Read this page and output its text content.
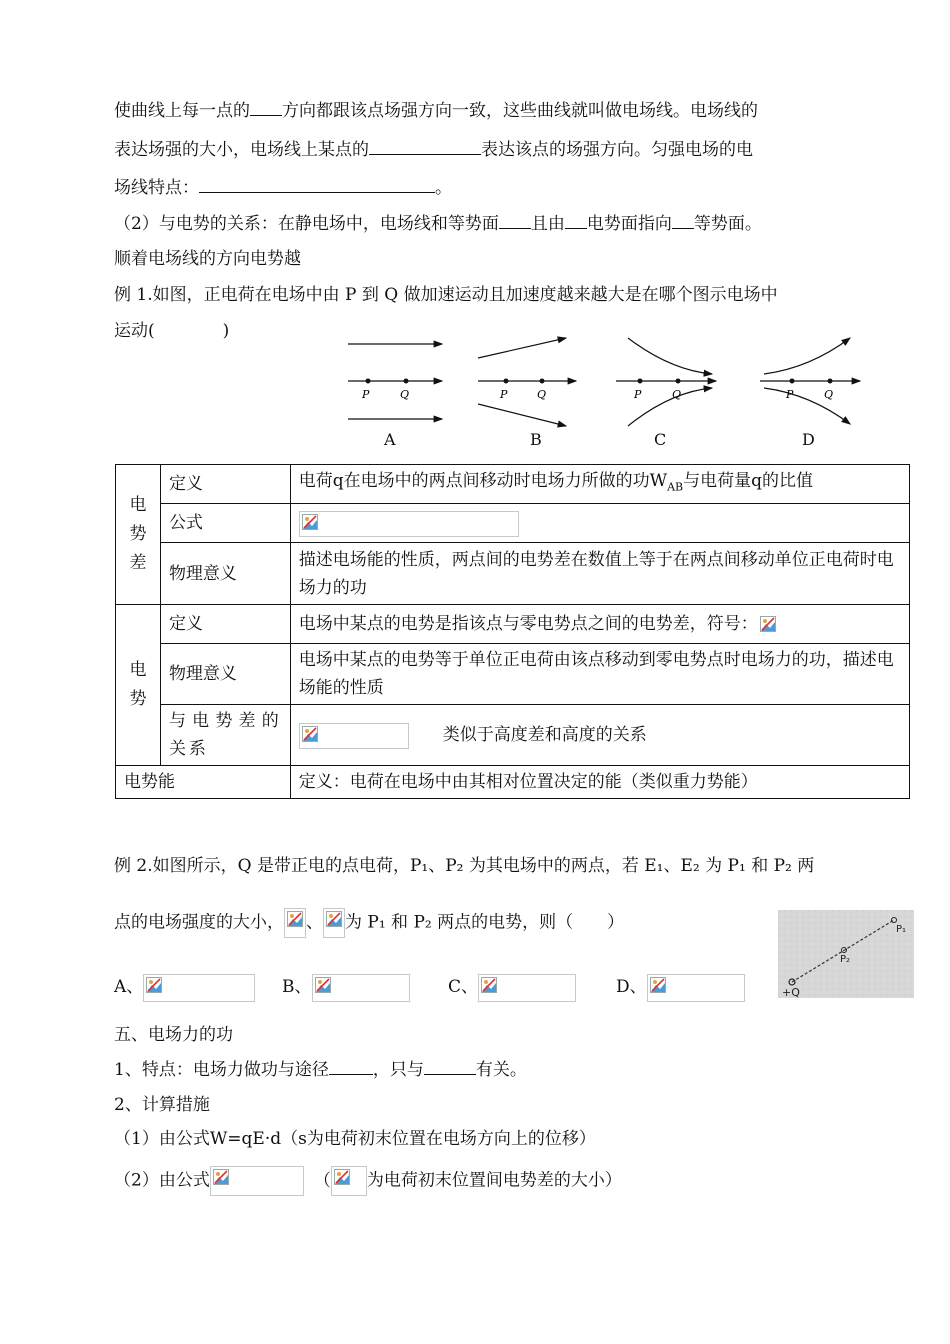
使曲线上每一点的 方向都跟该点场强方向一致，这些曲线就叫做电场线。电场线的
表达场强的大小，电场线上某点的	表达该点的场强方向。匀强电场的电
场线特点：	。
（2）与电势的关系：在静电场中，电场线和等势面 且由 电势面指向 等势面。
顺着电场线的方向电势越
例 1.如图，正电荷在电场中由 P 到 Q 做加速运动且加速度越来越大是在哪个图示电场中
运动(　　　　)
P	Q	P	Q	P	Q	P	Q
A	B	C	D
电
势
差	定义	电荷q在电场中的两点间移动时电场力所做的功$W_{AB}$与电荷量q的比值
	公式	

	物理意义	描述电场能的性质，两点间的电势差在数值上等于在两点间移动单位正电荷时电场力的功

电
势	定义	电场中某点的电势是指该点与零电势点之间的电势差，符号：

	物理意义	电场中某点的电势等于单位正电荷由该点移动到零电势点时电场力的功，描述电场能的性质
	与电势差的关系	类似于高度差和高度的关系
电势能		定义：电荷在电场中由其相对位置决定的能（类似重力势能）
例 2.如图所示，Q 是带正电的点电荷，P₁、P₂ 为其电场中的两点，若 E₁、E₂ 为 P₁ 和 P₂ 两
点的电场强度的大小， 、 为 P₁ 和 P₂ 两点的电势，则（　　）
A、	B、	C、	D、
P₁
P₂
+Q
五、电场力的功
1、特点：电场力做功与途径	，只与	有关。
2、计算措施
（1）由公式W=qE·d（s为电荷初末位置在电场方向上的位移）
（2）由公式	（ 为电荷初末位置间电势差的大小）
